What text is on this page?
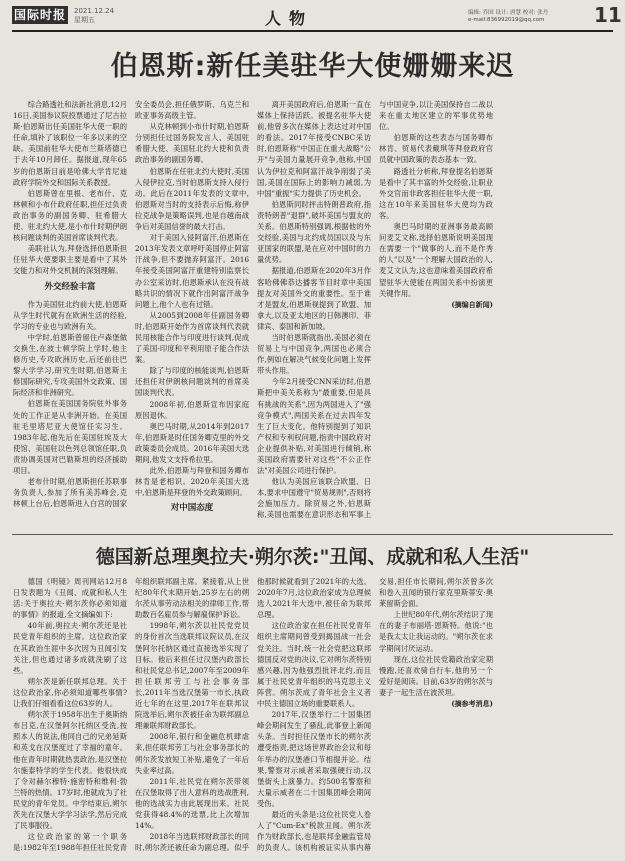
国际时报 2021.12.24
星期五	人物	编辑: 乔国 设计: 唐慧 校对: 张丹
e-mail:836992019@qq.com	11
伯恩斯:新任美驻华大使姗姗来迟

综合路透社和法新社消息,12月16日,美国参议院投票通过了尼古拉斯·伯恩斯出任美国驻华大使一职的任命,填补了该职位一年多以来的空缺。美国前驻华大使布兰斯塔德已于去年10月卸任。据报道,现年65岁的伯恩斯目前是哈佛大学肯尼迪政府学院外交和国际关系教授。

伯恩斯曾在里根、老布什、克林顿和小布什政府任职,担任过负责政治事务的副国务卿、驻希腊大使、驻北约大使,是小布什时期伊朗核问题谈判的美国首席谈判代表。

美联社认为,拜登选择伯恩斯担任驻华大使要职主要是看中了其外交能力和对外交机制的深刻理解。

外交经验丰富

作为美国驻北约前大使,伯恩斯从学生时代就有在欧洲生活的经验,学习的专业也与欧洲有关。

中学时,伯恩斯曾留住卢森堡做交换生,在波士顿学院上学时,他主修历史,专攻欧洲历史,后还前往巴黎大学学习,研究生时期,伯恩斯主修国际研究,专攻美国外交政策、国际经济和非洲研究。

伯恩斯在美国国务院驻外事务处的工作正是从非洲开始。在美国驻毛里塔尼亚大使馆任实习生。1983年起,他先后在美国驻埃及大使馆、美国驻以色列总领馆任职,负责协调美国对巴勒斯坦的经济援助项目。

老布什时期,伯恩斯担任苏联事务负责人,参加了所有美苏峰会,克林顿上台后,伯恩斯进入白宫的国家安全委员会,担任俄罗斯、乌克兰和欧亚事务高级主管。

从克林顿到小布什时期,伯恩斯分别担任过国务院发言人、美国驻希腊大使、美国驻北约大使和负责政治事务的副国务卿。

伯恩斯在任驻北约大使时,美国入侵伊拉克,当时伯恩斯支持入侵行动。此后在2011年发表的文章中,伯恩斯对当时的支持表示后悔,称伊拉克战争是策略误判,也是自越南战争后对美国信誉的最大打击。

对于美国入侵阿富汗,伯恩斯在2013年发表文章呼吁美国停止阿富汗战争,但不要抛弃阿富汗。2016年接受美国阿富汗重建特别监察长办公室采访时,伯恩斯承认在没有战略共识的情况下就作出阿富汗战争问题上,他个人也有过错。

从2005到2008年任副国务卿时,伯恩斯开始作为首席谈判代表就民用核能合作与印度进行谈判,促成了美国-印度和平利用原子能合作法案。

除了与印度的核能谈判,伯恩斯还担任对伊朗核问题谈判的首席美国谈判代表。

2008年初,伯恩斯宣布因家庭原因退休。

奥巴马时期,从2014年到2017年,伯恩斯是时任国务卿克里的外交政策委员会成员。2016年美国大选期间,他发文支持希拉里。

此外,伯恩斯与拜登和国务卿布林肯是老相识。2020年美国大选中,伯恩斯是拜登的外交政策顾问。

对中国态度

离开美国政府后,伯恩斯一直在媒体上保持活跃。被提名驻华大使前,他曾多次在媒体上表达过对中国的看法。2017年接受CNBC采访时,伯恩斯称"中国正在重大战略"公开"与美国力量展开竞争,他称,中国认为伊拉克和阿富汗战争削弱了美国,美国在国际上的影响力减弱,为中国"重振"实力提供了历史机会。

伯恩斯同时抨击特朗普政府,指责特朗普"退群",破坏美国与盟友的关系。伯恩斯特别强调,根据他的外交经验,美国与北约成员国以及与东亚国家的联盟,是在应对中国时的力量优势。

据报道,伯恩斯在2020年3月作客哈佛佛恭达播客节目时章中美国提友对美国外交的重要性。至于谁才是盟友,伯恩斯视提到了欧盟、加拿大,以及亚太地区的日韩澳印、菲律宾、泰国和新加坡。

当时伯恩斯就指出,美国必须在贸易上与中国竞争,两国也必须合作,例如在解决气候变化问题上发挥带头作用。

今年2月接受CNN采访时,伯恩斯把中美关系称为"最重要,但是具有挑战的关系",因为两国进入了"强竞争模式",两国关系在过去四年发生了巨大变化。他特别提到了知识产权和专利权问题,指责中国政府对企业提供补贴,对美国进行倾销,称美国政府需要针对这些"不公正作法"对美国公司进行保护。

他认为美国应该联合欧盟、日本,要求中国遵守"贸易规则",否则将会施加压力。除贸易之外,伯恩斯称,美国也需要在意识形态和军事上与中国竞争,以让美国保持自二战以来在重太地区建立的军事优势地位。

伯恩斯的这些表态与国务卿布林肯、贸易代表戴琪等拜登政府官员就中国政策的表态基本一致。

路透社分析称,拜登提名伯恩斯是看中了其丰富的外交经验,让职业外交官而非政客担任驻华大使一职,这在10年来美国驻华大使均为政客。

奥巴马时期的亚洲事务最高顾问麦艾文称,选择伯恩斯说明美国现在需要一个"做事的人,而不是作秀的人"以及"一个理解大国政治的人,麦艾文认为,这也意味着美国政府希望驻华大使能在两国关系中扮演更关键作用。

(摘编自新闻)
德国新总理奥拉夫·朔尔茨:"丑闻、成就和私人生活"

德国《明镜》周刊网站12月8日发表题为《丑闻、成就和私人生活:关于奥拉夫·朔尔茨你必须知道的事情》的报道,全文摘编如下:

40年前,奥拉夫·朔尔茨还是社民党青年组织的主席。这位政治家在其政治生涯中多次因为丑闻引发关注,但也通过诸多成就洗刷了这些。

朔尔茨是新任联邦总理。关于这位政治家,你必须知道哪些事情?让我们仔细看看这位63岁的人。

朔尔茨于1958年出生于奥斯纳布吕克,在汉堡阿尔托纳区受洗,按照本人的说法,他同自己的兄弟延斯和英戈在汉堡度过了幸福的童年。他在青年时期就热衷政治,是汉堡拉尔施泰特学的学生代表。他很快成了令对赫尔穆特·施密特和维利·勃兰特的热情。17岁时,他就成为了社民党的青年党员。中学结束后,朔尔茨先在汉堡大学学习法学,然后完成了民事服役。

这位政治家的第一个职务是:1982年至1988年担任社民党青年组织联邦副主席。紧接着,从上世纪80年代末期开始,25岁左右的朔尔茨从事劳动法相关的律师工作,帮助数百名雇员参与解雇保护诉讼。

1998年,朔尔茨以社民党党员的身份首次当选联邦议院议员,在汉堡阿尔托纳区通过直接选举实现了目标。他后来担任过汉堡内政部长和社民党总书记,2007年至2009年担任联邦劳工与社会事务部长,2011年当选汉堡第一市长,执政近七年的在这里,2017年在联邦议院选举后,朔尔茨被任命为联邦副总理兼联邦财政部长。

2008年,银行和金融危机肆虐来,担任联邦劳工与社会事务部长的朔尔茨发放短工补贴,避免了一年后失业率过高。

2011年,社民党在朔尔茨带领在汉堡取得了出人意料的选战胜利,他的选战实力由此展现出来。社民党获得48.4%的选票,比上次增加14%。

2018年当选联邦财政部长的同时,朔尔茨还被任命为副总理。似乎他那时候就看到了2021年的大选。2020年7月,这位政治家成为总理候选人2021年大选中,被任命为联邦总理。

这位政治家在担任社民党青年组织主席期间曾受到揭国战一社会党关注。当时,统一社会党把这联邦德国反对党的决议,它对朔尔茨特别感兴趣,因为他强烈批评北约,而且属于社民党青年组织的马克思主义阵营。朔尔茨成了青年社会主义者中民主德国立场的重要联系人。

2017年,汉堡举行二十国集团峰会期间发生了骚乱,此事登上新闻头条。当时担任汉堡市长的朔尔茨遭受指责,把这场世界政治会议和每年举办的汉堡港口节相提并论。结果,警察对示威者采取强硬行动,汉堡街头上演暴力。约500名警察和大量示威者在二十国集团峰会期间受伤。

最近的头条是:这位社民党人卷入了"Cum-Ex"税款丑闻。朔尔茨作为财政部长,也是联邦金融监管局的负责人。该机构被证实从事内幕交易,担任市长期间,朔尔茨曾多次和卷入丑闻的银行家克里斯蒂安·奥莱留斯会面。

上世纪80年代,朔尔茨结识了现在的妻子布丽塔·恩斯特。他说:"也是我太太让我运动的。"朔尔茨在求学期间讨厌运动。

现在,这位社民党籍政治家定期慢跑,还喜欢骑自行车,他的另一个爱好是阅读。目前,63岁的朔尔茨与妻子一起生活在波茨坦。

(摘参考消息)
